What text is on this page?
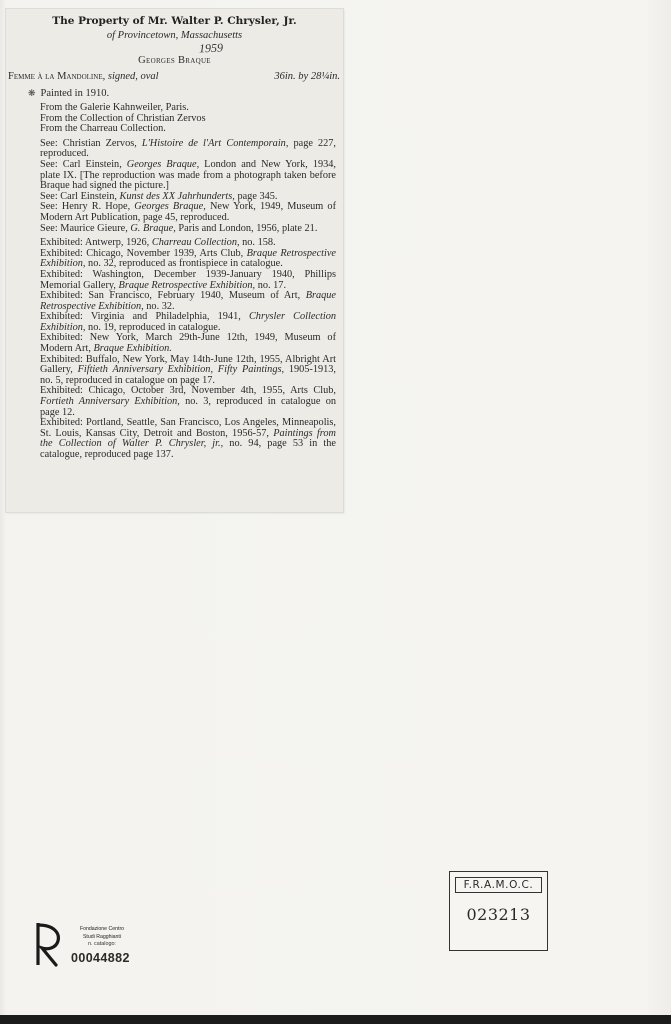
The Property of Mr. Walter P. Chrysler, Jr.
of Provincetown, Massachusetts
1959
Georges Braque
Femme à la Mandoline, signed, oval	36in. by 28¼in.
❋ Painted in 1910.

From the Galerie Kahnweiler, Paris.

From the Collection of Christian Zervos

From the Charreau Collection.

See: Christian Zervos, L'Histoire de l'Art Contemporain, page 227, reproduced.

See: Carl Einstein, Georges Braque, London and New York, 1934, plate IX. [The reproduction was made from a photograph taken before Braque had signed the picture.]

See: Carl Einstein, Kunst des XX Jahrhunderts, page 345.

See: Henry R. Hope, Georges Braque, New York, 1949, Museum of Modern Art Publication, page 45, reproduced.

See: Maurice Gieure, G. Braque, Paris and London, 1956, plate 21.

Exhibited: Antwerp, 1926, Charreau Collection, no. 158.

Exhibited: Chicago, November 1939, Arts Club, Braque Retrospective Exhibition, no. 32, reproduced as frontispiece in catalogue.

Exhibited: Washington, December 1939-January 1940, Phillips Memorial Gallery, Braque Retrospective Exhibition, no. 17.

Exhibited: San Francisco, February 1940, Museum of Art, Braque Retrospective Exhibition, no. 32.

Exhibited: Virginia and Philadelphia, 1941, Chrysler Collection Exhibition, no. 19, reproduced in catalogue.

Exhibited: New York, March 29th-June 12th, 1949, Museum of Modern Art, Braque Exhibition.

Exhibited: Buffalo, New York, May 14th-June 12th, 1955, Albright Art Gallery, Fiftieth Anniversary Exhibition, Fifty Paintings, 1905-1913, no. 5, reproduced in catalogue on page 17.

Exhibited: Chicago, October 3rd, November 4th, 1955, Arts Club, Fortieth Anniversary Exhibition, no. 3, reproduced in catalogue on page 12.

Exhibited: Portland, Seattle, San Francisco, Los Angeles, Minneapolis, St. Louis, Kansas City, Detroit and Boston, 1956-57, Paintings from the Collection of Walter P. Chrysler, jr., no. 94, page 53 in the catalogue, reproduced page 137.

F.R.A.M.O.C.
023213
Fondazione Centro
Studi Ragghianti
n. catalogo:
00044882
